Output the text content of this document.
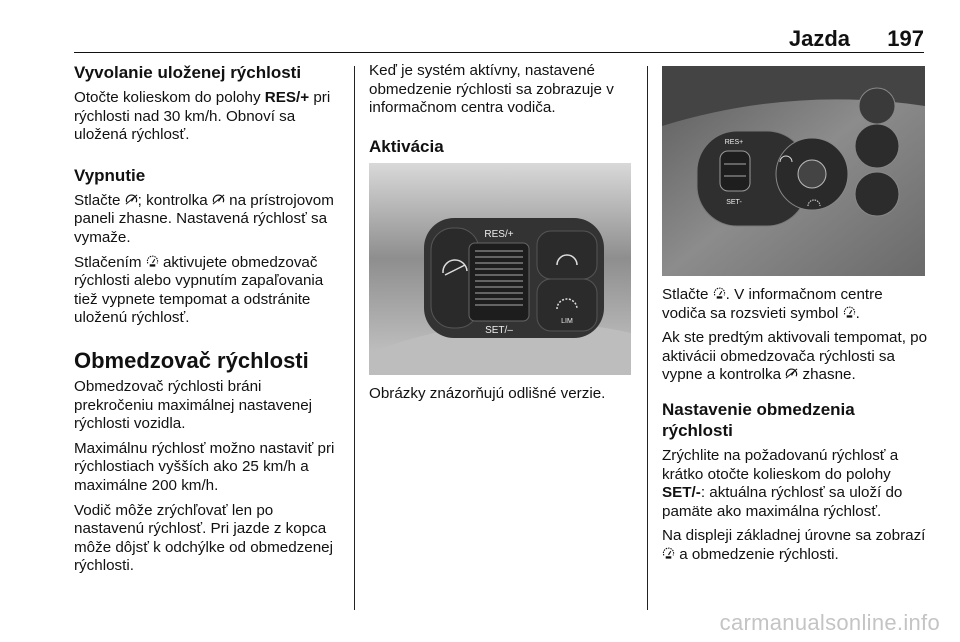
Jazda 197
Vyvolanie uloženej rýchlosti

Otočte kolieskom do polohy RES/+ pri rýchlosti nad 30 km/h. Obnoví sa uložená rýchlosť.

Vypnutie

Stlačte ; kontrolka  na prístrojovom paneli zhasne. Nastavená rýchlosť sa vymaže.

Stlačením  aktivujete obmedzovač rýchlosti alebo vypnutím zapaľovania tiež vypnete tempomat a odstránite uloženú rýchlosť.

Obmedzovač rýchlosti

Obmedzovač rýchlosti bráni prekročeniu maximálnej nastavenej rýchlosti vozidla.

Maximálnu rýchlosť možno nastaviť pri rýchlostiach vyšších ako 25 km/h a maximálne 200 km/h.

Vodič môže zrýchľovať len po nastavenú rýchlosť. Pri jazde z kopca môže dôjsť k odchýlke od obmedzenej rýchlosti.

Keď je systém aktívny, nastavené obmedzenie rýchlosti sa zobrazuje v informačnom centra vodiča.

Aktivácia
RES/+
SET/–
LIM

Obrázky znázorňujú odlišné verzie.

RES+
SET-

Stlačte . V informačnom centre vodiča sa rozsvieti symbol .

Ak ste predtým aktivovali tempomat, po aktivácii obmedzovača rýchlosti sa vypne a kontrolka  zhasne.

Nastavenie obmedzenia rýchlosti

Zrýchlite na požadovanú rýchlosť a krátko otočte kolieskom do polohy SET/-: aktuálna rýchlosť sa uloží do pamäte ako maximálna rýchlosť.

Na displeji základnej úrovne sa zobrazí  a obmedzenie rýchlosti.

carmanualsonline.info
